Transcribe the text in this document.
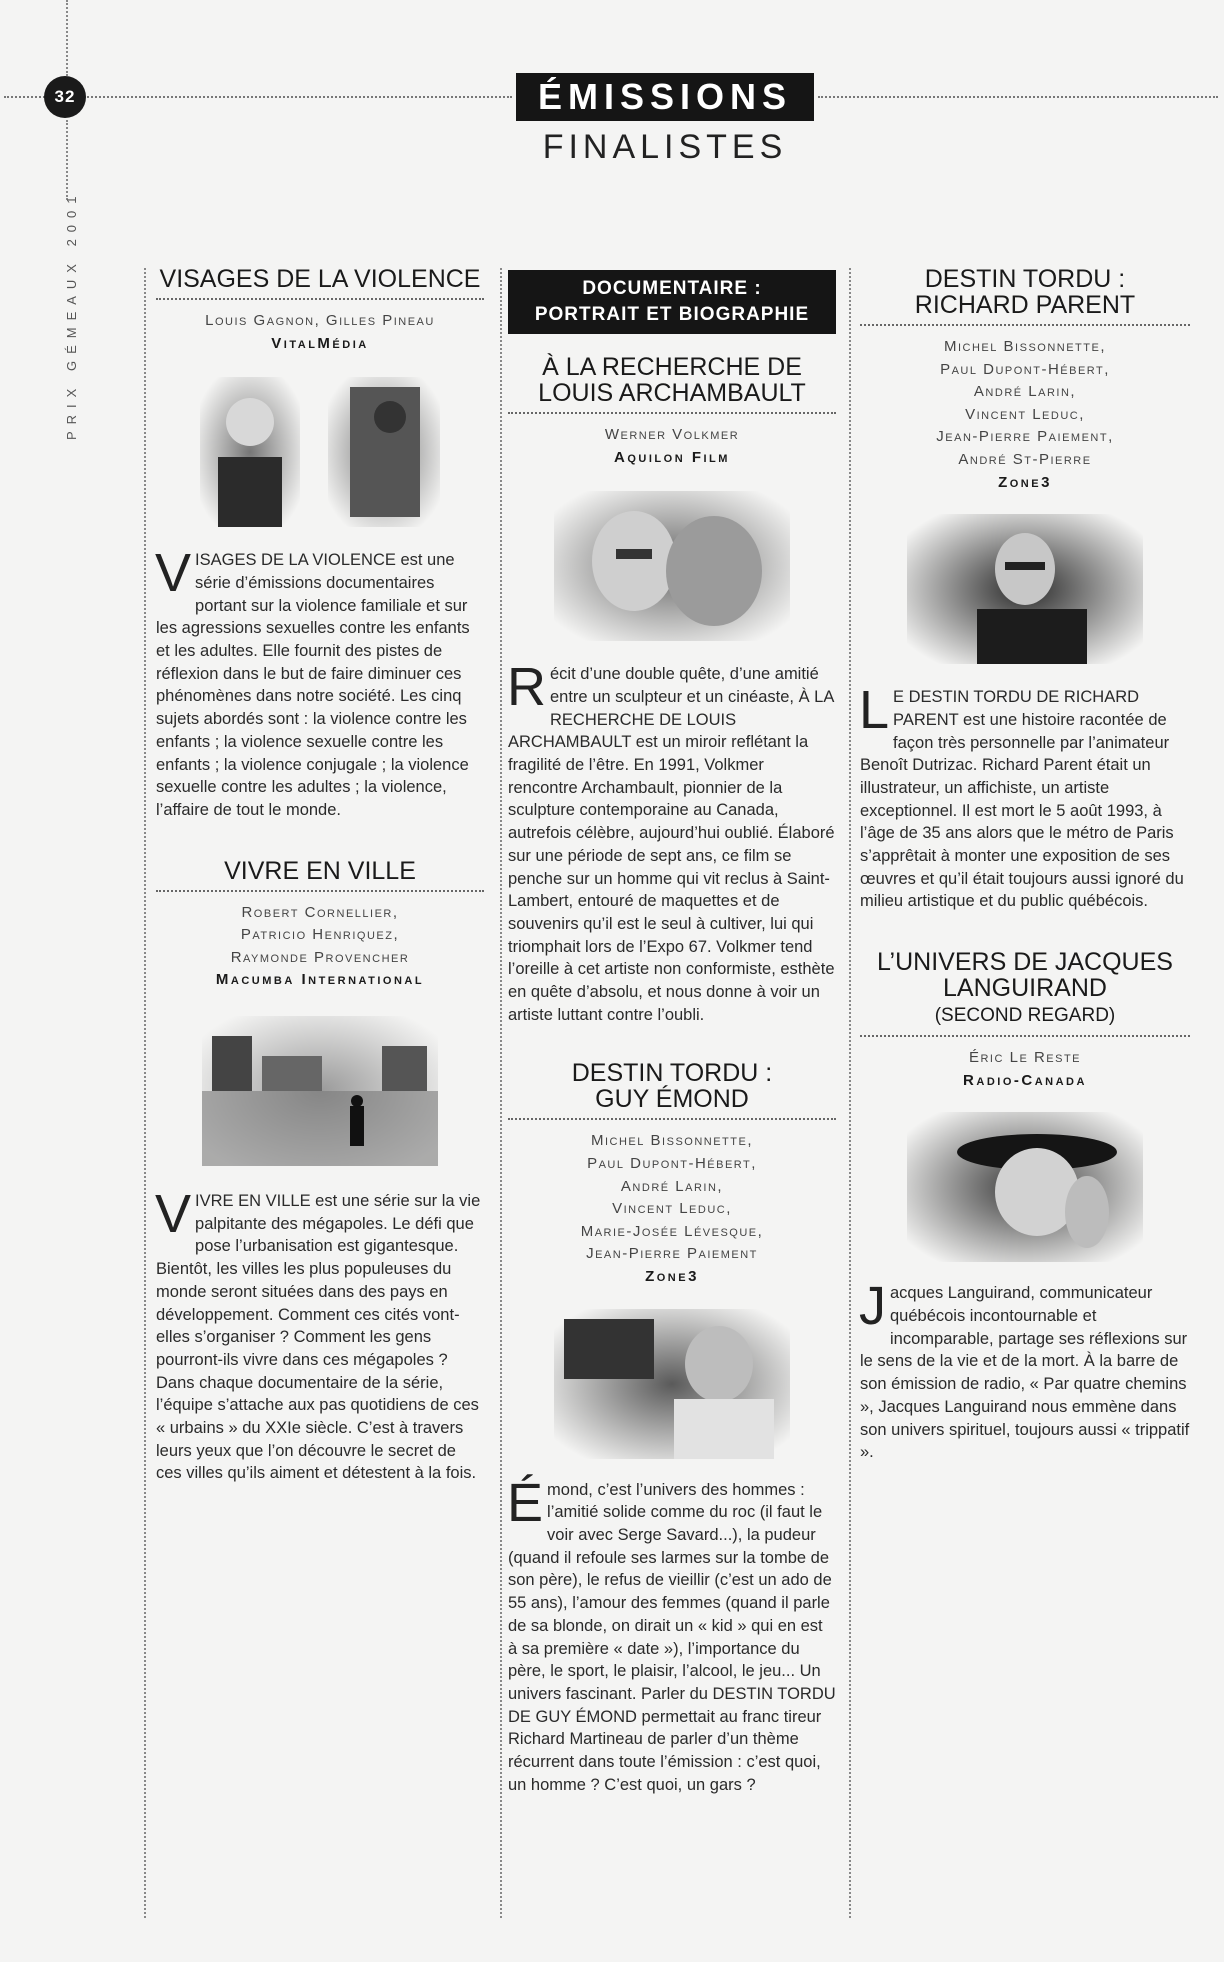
32
PRIX GÉMEAUX 2001
ÉMISSIONS
FINALISTES
VISAGES DE LA VIOLENCE
Louis Gagnon, Gilles Pineau
VitalMédia
VISAGES DE LA VIOLENCE est une série d’émissions documentaires portant sur la violence familiale et sur les agressions sexuelles contre les enfants et les adultes. Elle fournit des pistes de réflexion dans le but de faire diminuer ces phénomènes dans notre société. Les cinq sujets abordés sont : la violence contre les enfants ; la violence sexuelle contre les enfants ; la violence conjugale ; la violence sexuelle contre les adultes ; la violence, l’affaire de tout le monde.
VIVRE EN VILLE
Robert Cornellier,
Patricio Henriquez,
Raymonde Provencher
Macumba International
VIVRE EN VILLE est une série sur la vie palpitante des mégapoles. Le défi que pose l’urbanisation est gigantesque. Bientôt, les villes les plus populeuses du monde seront situées dans des pays en développement. Comment ces cités vont-elles s’organiser ? Comment les gens pourront-ils vivre dans ces mégapoles ? Dans chaque documentaire de la série, l’équipe s’attache aux pas quotidiens de ces « urbains » du XXIe siècle. C’est à travers leurs yeux que l’on découvre le secret de ces villes qu’ils aiment et détestent à la fois.
DOCUMENTAIRE :
PORTRAIT ET BIOGRAPHIE
À LA RECHERCHE DE LOUIS ARCHAMBAULT
Werner Volkmer
Aquilon Film
Récit d’une double quête, d’une amitié entre un sculpteur et un cinéaste, À LA RECHERCHE DE LOUIS ARCHAMBAULT est un miroir reflétant la fragilité de l’être. En 1991, Volkmer rencontre Archambault, pionnier de la sculpture contemporaine au Canada, autrefois célèbre, aujourd’hui oublié. Élaboré sur une période de sept ans, ce film se penche sur un homme qui vit reclus à Saint-Lambert, entouré de maquettes et de souvenirs qu’il est le seul à cultiver, lui qui triomphait lors de l’Expo 67. Volkmer tend l’oreille à cet artiste non conformiste, esthète en quête d’absolu, et nous donne à voir un artiste luttant contre l’oubli.
DESTIN TORDU : GUY ÉMOND
Michel Bissonnette,
Paul Dupont-Hébert,
André Larin,
Vincent Leduc,
Marie-Josée Lévesque,
Jean-Pierre Paiement
Zone3
Émond, c’est l’univers des hommes : l’amitié solide comme du roc (il faut le voir avec Serge Savard...), la pudeur (quand il refoule ses larmes sur la tombe de son père), le refus de vieillir (c’est un ado de 55 ans), l’amour des femmes (quand il parle de sa blonde, on dirait un « kid » qui en est à sa première « date »), l’importance du père, le sport, le plaisir, l’alcool, le jeu... Un univers fascinant. Parler du DESTIN TORDU DE GUY ÉMOND permettait au franc tireur Richard Martineau de parler d’un thème récurrent dans toute l’émission : c’est quoi, un homme ? C’est quoi, un gars ?
DESTIN TORDU : RICHARD PARENT
Michel Bissonnette,
Paul Dupont-Hébert,
André Larin,
Vincent Leduc,
Jean-Pierre Paiement,
André St-Pierre
Zone3
L E DESTIN TORDU DE RICHARD PARENT est une histoire racontée de façon très personnelle par l’animateur Benoît Dutrizac. Richard Parent était un illustrateur, un affichiste, un artiste exceptionnel. Il est mort le 5 août 1993, à l’âge de 35 ans alors que le métro de Paris s’apprêtait à monter une exposition de ses œuvres et qu’il était toujours aussi ignoré du milieu artistique et du public québécois.
L’UNIVERS DE JACQUES LANGUIRAND
(SECOND REGARD)
Éric Le Reste
Radio-Canada
Jacques Languirand, communicateur québécois incontournable et incomparable, partage ses réflexions sur le sens de la vie et de la mort. À la barre de son émission de radio, « Par quatre chemins », Jacques Languirand nous emmène dans son univers spirituel, toujours aussi « trippatif ».
